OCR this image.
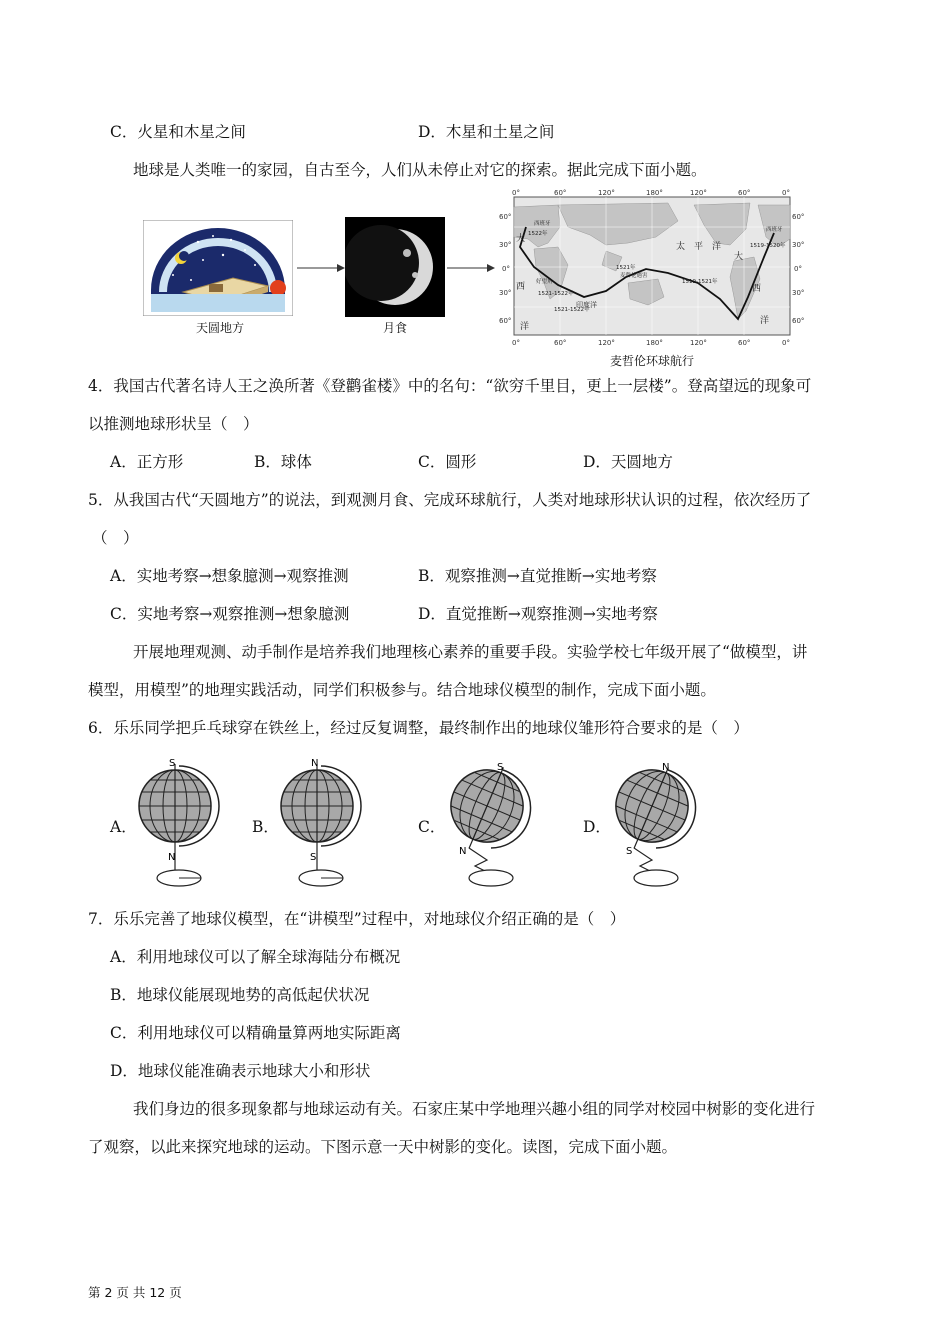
C．火星和木星之间	D．木星和土星之间
地球是人类唯一的家园，自古至今，人们从未停止对它的探索。据此完成下面小题。
天圆地方	月食
0°	60°	120°	180°	120°	60°	0°
0°	60°	120°	180°	120°	60°	0°
60°
30°
0°
30°
60°
60°
30°
0°
30°
60°
太　平　洋
印度洋
大
西
洋
大
西
洋
西班牙
西班牙
1522年
1521年
1519-1521年
1521-1522年
1521-1522年
1519-1520年
好望角
麦哲伦遇害
麦哲伦环球航行
4．我国古代著名诗人王之涣所著《登鹳雀楼》中的名句：“欲穷千里目，更上一层楼”。登高望远的现象可
以推测地球形状呈（　）
A．正方形	B．球体	C．圆形	D．天圆地方
5．从我国古代“天圆地方”的说法，到观测月食、完成环球航行，人类对地球形状认识的过程，依次经历了
（　）
A．实地考察→想象臆测→观察推测	B．观察推测→直觉推断→实地考察
C．实地考察→观察推测→想象臆测	D．直觉推断→观察推测→实地考察
开展地理观测、动手制作是培养我们地理核心素养的重要手段。实验学校七年级开展了“做模型，讲
模型，用模型”的地理实践活动，同学们积极参与。结合地球仪模型的制作，完成下面小题。
6．乐乐同学把乒乓球穿在铁丝上，经过反复调整，最终制作出的地球仪雏形符合要求的是（　）
A．
S
N
B．
N
S
C．
S
N
D．
N
S
7．乐乐完善了地球仪模型，在“讲模型”过程中，对地球仪介绍正确的是（　）
A．利用地球仪可以了解全球海陆分布概况
B．地球仪能展现地势的高低起伏状况
C．利用地球仪可以精确量算两地实际距离
D．地球仪能准确表示地球大小和形状
我们身边的很多现象都与地球运动有关。石家庄某中学地理兴趣小组的同学对校园中树影的变化进行
了观察，以此来探究地球的运动。下图示意一天中树影的变化。读图，完成下面小题。
第 2 页 共 12 页
